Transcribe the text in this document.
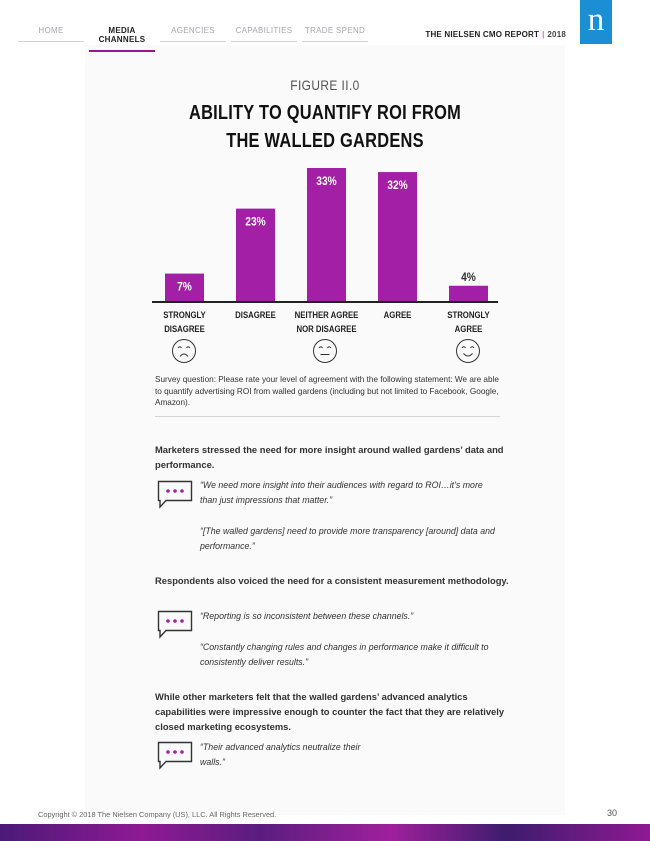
HOME	MEDIA CHANNELS
AGENCIES	CAPABILITIES	TRADE SPEND	THE NIELSEN CMO REPORT | 2018 n
FIGURE II.0
ABILITY TO QUANTIFY ROI FROM
THE WALLED GARDENS
7%
23%
33%	32%
4%
STRONGLY
DISAGREE
DISAGREE NEITHER AGREE
NOR DISAGREE
AGREE	STRONGLY
AGREE
Survey question: Please rate your level of agreement with the following statement: We are able to quantify advertising ROI from walled gardens (including but not limited to Facebook, Google, Amazon).
Marketers stressed the need for more insight around walled gardens’ data and performance.
“We need more insight into their audiences with regard to ROI…it’s more than just impressions that matter.”
“[The walled gardens] need to provide more transparency [around] data and performance.”
Respondents also voiced the need for a consistent measurement methodology.
“Reporting is so inconsistent between these channels.”
“Constantly changing rules and changes in performance make it difficult to consistently deliver results.”
While other marketers felt that the walled gardens’ advanced analytics capabilities were impressive enough to counter the fact that they are relatively closed marketing ecosystems.
“Their advanced analytics neutralize their walls.”
Copyright © 2018 The Nielsen Company (US), LLC. All Rights Reserved.	30
